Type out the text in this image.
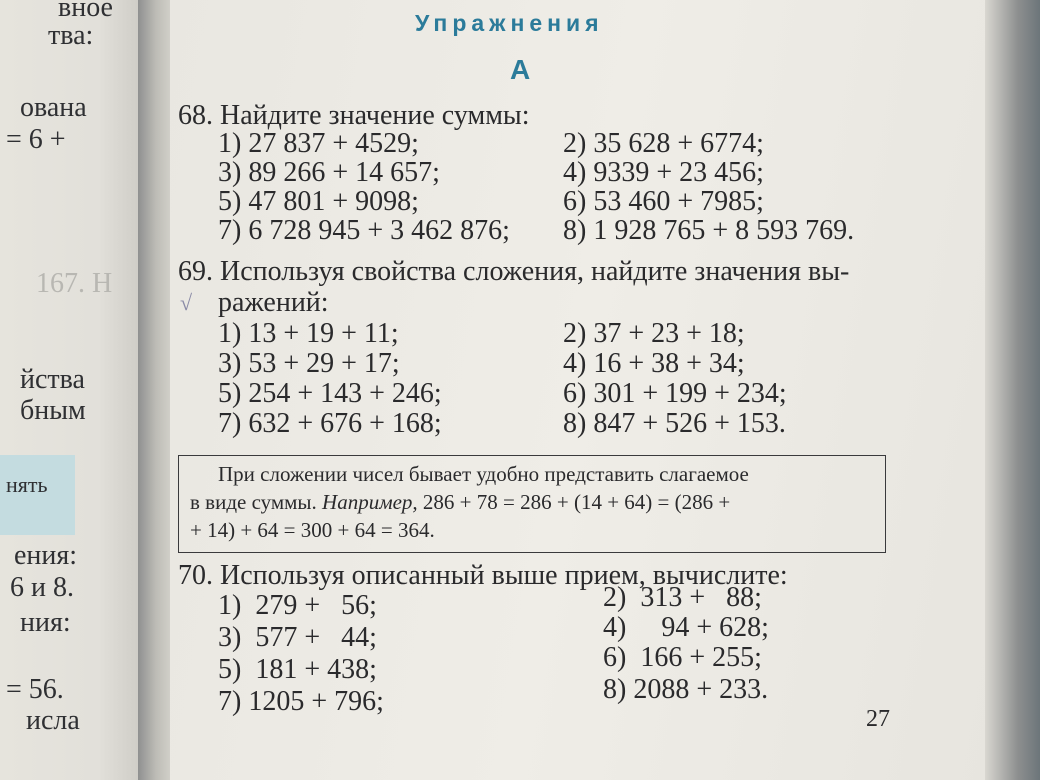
вное
тва:
ована
= 6 +
167. Н
йства
бным
нять
ения:
6 и 8.
ния:
= 56.
исла
Упражнения
А
68. Найдите значение суммы:
1) 27 837 + 4529;	2) 35 628 + 6774;
3) 89 266 + 14 657;	4) 9339 + 23 456;
5) 47 801 + 9098;	6) 53 460 + 7985;
7) 6 728 945 + 3 462 876; 8) 1 928 765 + 8 593 769.
69. Используя свойства сложения, найдите значения вы-
ражений:
√
1) 13 + 19 + 11;	2) 37 + 23 + 18;
3) 53 + 29 + 17;	4) 16 + 38 + 34;
5) 254 + 143 + 246;	6) 301 + 199 + 234;
7) 632 + 676 + 168;	8) 847 + 526 + 153.
При сложении чисел бывает удобно представить слагаемое
в виде суммы. Например, 286 + 78 = 286 + (14 + 64) = (286 +
+ 14) + 64 = 300 + 64 = 364.
70. Используя описанный выше прием, вычислите:
1)  279 +   56;	2)  313 +   88;
3)  577 +   44;	4)     94 + 628;
5)  181 + 438;	6)  166 + 255;
7) 1205 + 796;	8) 2088 + 233.
27
